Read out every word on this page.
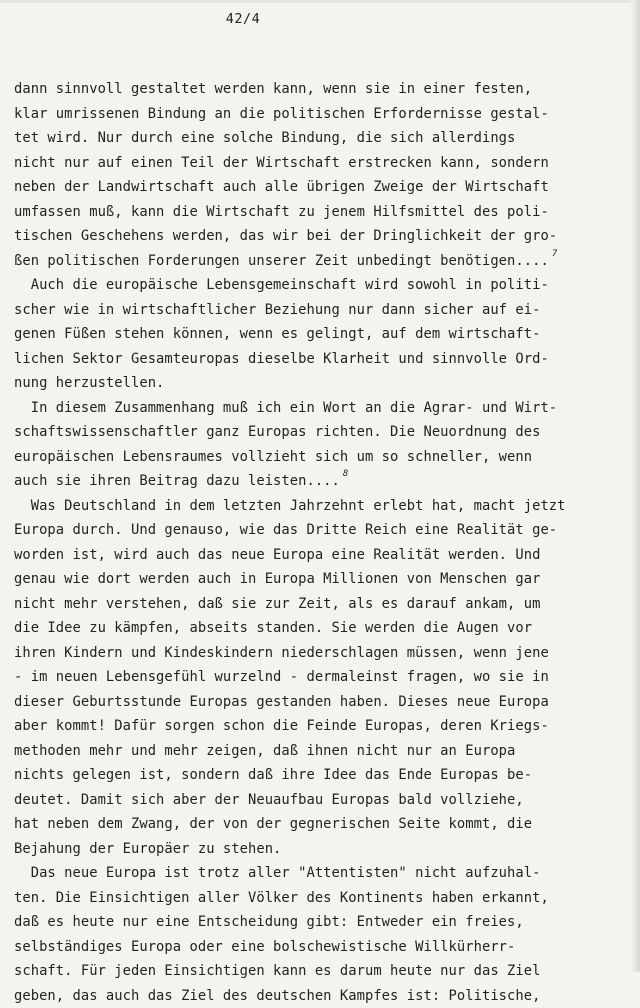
42/4
dann sinnvoll gestaltet werden kann, wenn sie in einer festen,
klar umrissenen Bindung an die politischen Erfordernisse gestal-
tet wird. Nur durch eine solche Bindung, die sich allerdings
nicht nur auf einen Teil der Wirtschaft erstrecken kann, sondern
neben der Landwirtschaft auch alle übrigen Zweige der Wirtschaft
umfassen muß, kann die Wirtschaft zu jenem Hilfsmittel des poli-
tischen Geschehens werden, das wir bei der Dringlichkeit der gro-
ßen politischen Forderungen unserer Zeit unbedingt benötigen.... $^7$
Auch die europäische Lebensgemeinschaft wird sowohl in politi-
scher wie in wirtschaftlicher Beziehung nur dann sicher auf ei-
genen Füßen stehen können, wenn es gelingt, auf dem wirtschaft-
lichen Sektor Gesamteuropas dieselbe Klarheit und sinnvolle Ord-
nung herzustellen.
In diesem Zusammenhang muß ich ein Wort an die Agrar- und Wirt-
schaftswissenschaftler ganz Europas richten. Die Neuordnung des
europäischen Lebensraumes vollzieht sich um so schneller, wenn
auch sie ihren Beitrag dazu leisten.... $^8$
Was Deutschland in dem letzten Jahrzehnt erlebt hat, macht jetzt
Europa durch. Und genauso, wie das Dritte Reich eine Realität ge-
worden ist, wird auch das neue Europa eine Realität werden. Und
genau wie dort werden auch in Europa Millionen von Menschen gar
nicht mehr verstehen, daß sie zur Zeit, als es darauf ankam, um
die Idee zu kämpfen, abseits standen. Sie werden die Augen vor
ihren Kindern und Kindeskindern niederschlagen müssen, wenn jene
- im neuen Lebensgefühl wurzelnd - dermaleinst fragen, wo sie in
dieser Geburtsstunde Europas gestanden haben. Dieses neue Europa
aber kommt! Dafür sorgen schon die Feinde Europas, deren Kriegs-
methoden mehr und mehr zeigen, daß ihnen nicht nur an Europa
nichts gelegen ist, sondern daß ihre Idee das Ende Europas be-
deutet. Damit sich aber der Neuaufbau Europas bald vollziehe,
hat neben dem Zwang, der von der gegnerischen Seite kommt, die
Bejahung der Europäer zu stehen.
Das neue Europa ist trotz aller "Attentisten" nicht aufzuhal-
ten. Die Einsichtigen aller Völker des Kontinents haben erkannt,
daß es heute nur eine Entscheidung gibt: Entweder ein freies,
selbständiges Europa oder eine bolschewistische Willkürherr-
schaft. Für jeden Einsichtigen kann es darum heute nur das Ziel
geben, das auch das Ziel des deutschen Kampfes ist: Politische,
